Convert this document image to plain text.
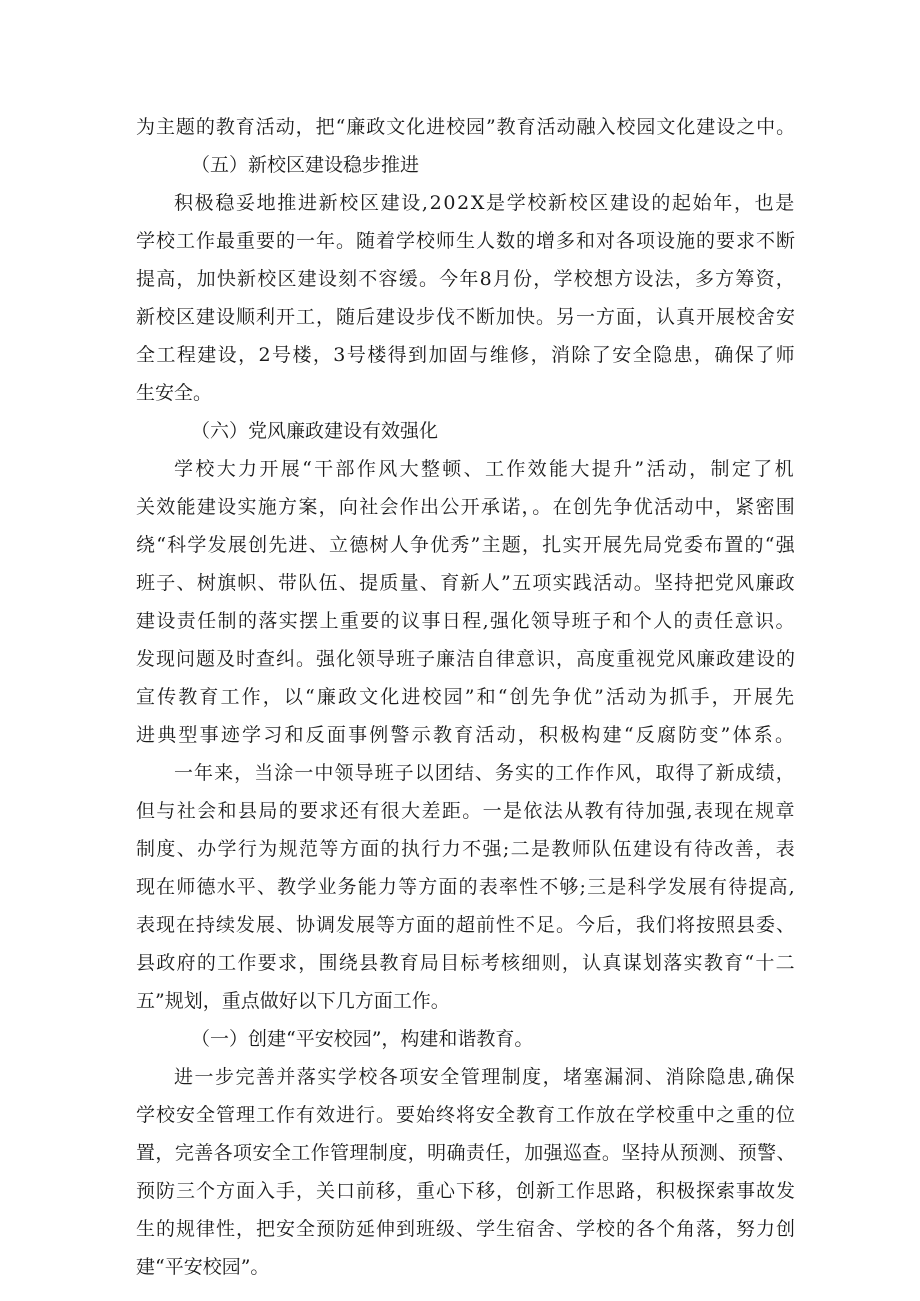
为主题的教育活动，把“廉政文化进校园”教育活动融入校园文化建设之中。
（五）新校区建设稳步推进
积极稳妥地推进新校区建设,202X是学校新校区建设的起始年，也是
学校工作最重要的一年。随着学校师生人数的增多和对各项设施的要求不断
提高，加快新校区建设刻不容缓。今年8月份，学校想方设法，多方筹资，
新校区建设顺利开工，随后建设步伐不断加快。另一方面，认真开展校舍安
全工程建设，2号楼，3号楼得到加固与维修，消除了安全隐患，确保了师
生安全。
（六）党风廉政建设有效强化
学校大力开展“干部作风大整顿、工作效能大提升”活动，制定了机
关效能建设实施方案，向社会作出公开承诺，。在创先争优活动中，紧密围
绕“科学发展创先进、立德树人争优秀”主题，扎实开展先局党委布置的“强
班子、树旗帜、带队伍、提质量、育新人”五项实践活动。坚持把党风廉政
建设责任制的落实摆上重要的议事日程,强化领导班子和个人的责任意识。
发现问题及时查纠。强化领导班子廉洁自律意识，高度重视党风廉政建设的
宣传教育工作，以“廉政文化进校园”和“创先争优”活动为抓手，开展先
进典型事迹学习和反面事例警示教育活动，积极构建“反腐防变”体系。
一年来，当涂一中领导班子以团结、务实的工作作风，取得了新成绩，
但与社会和县局的要求还有很大差距。一是依法从教有待加强,表现在规章
制度、办学行为规范等方面的执行力不强;二是教师队伍建设有待改善，表
现在师德水平、教学业务能力等方面的表率性不够;三是科学发展有待提高,
表现在持续发展、协调发展等方面的超前性不足。今后，我们将按照县委、
县政府的工作要求，围绕县教育局目标考核细则，认真谋划落实教育“十二
五”规划，重点做好以下几方面工作。
（一）创建“平安校园”，构建和谐教育。
进一步完善并落实学校各项安全管理制度，堵塞漏洞、消除隐患,确保
学校安全管理工作有效进行。要始终将安全教育工作放在学校重中之重的位
置，完善各项安全工作管理制度，明确责任，加强巡查。坚持从预测、预警、
预防三个方面入手，关口前移，重心下移，创新工作思路，积极探索事故发
生的规律性，把安全预防延伸到班级、学生宿舍、学校的各个角落，努力创
建“平安校园”。
